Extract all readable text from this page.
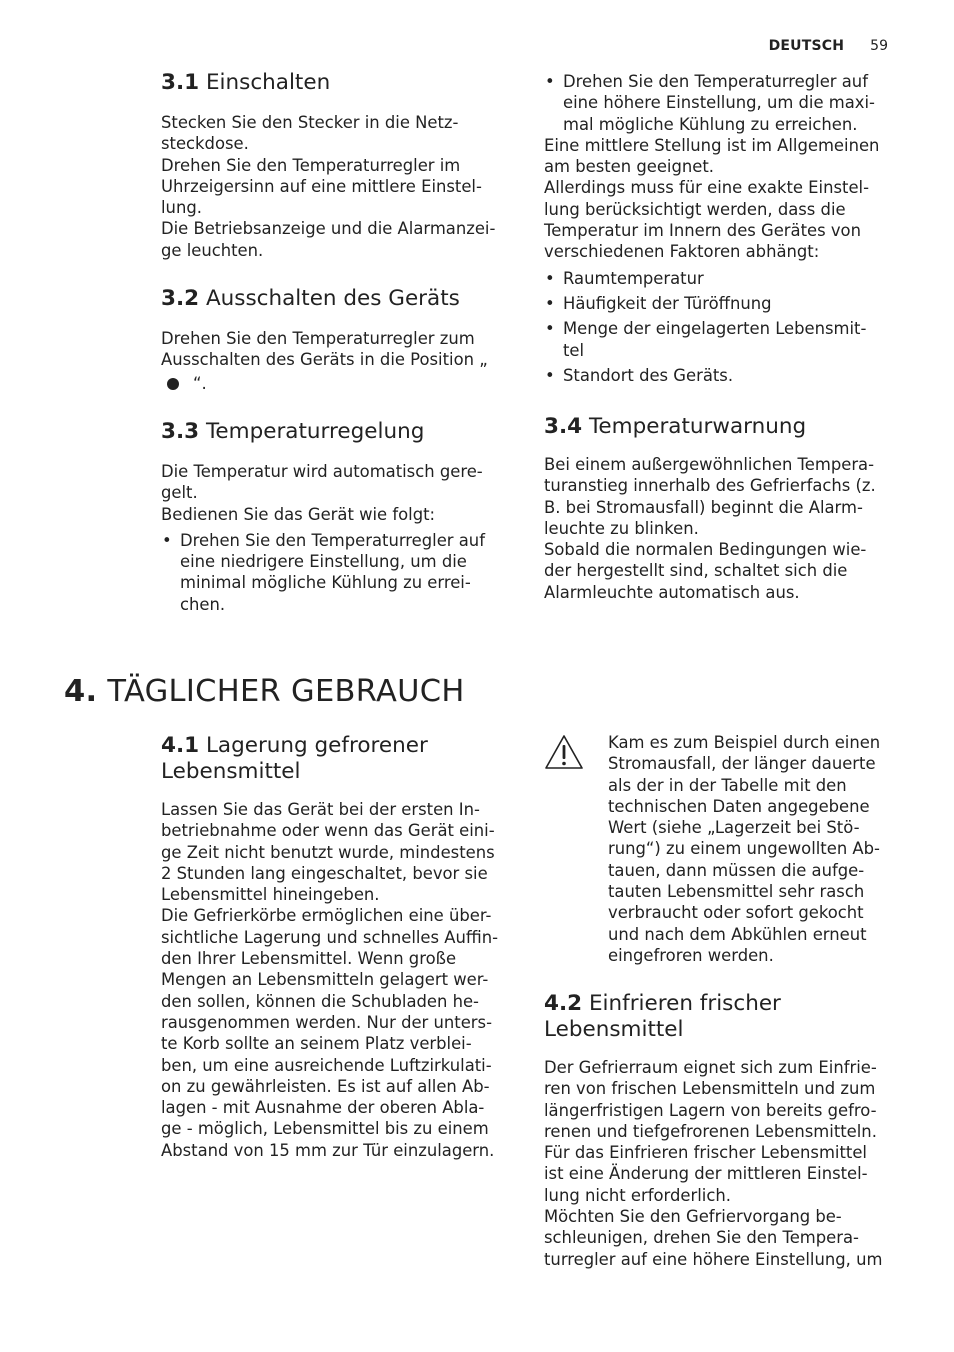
DEUTSCH 59
3.1 Einschalten
Stecken Sie den Stecker in die Netz-
steckdose.
Drehen Sie den Temperaturregler im
Uhrzeigersinn auf eine mittlere Einstel-
lung.
Die Betriebsanzeige und die Alarmanzei-
ge leuchten.
3.2 Ausschalten des Geräts
Drehen Sie den Temperaturregler zum
Ausschalten des Geräts in die Position „
“.
3.3 Temperaturregelung
Die Temperatur wird automatisch gere-
gelt.
Bedienen Sie das Gerät wie folgt:
• Drehen Sie den Temperaturregler auf
eine niedrigere Einstellung, um die
minimal mögliche Kühlung zu errei-
chen.
• Drehen Sie den Temperaturregler auf
eine höhere Einstellung, um die maxi-
mal mögliche Kühlung zu erreichen.
Eine mittlere Stellung ist im Allgemeinen
am besten geeignet.
Allerdings muss für eine exakte Einstel-
lung berücksichtigt werden, dass die
Temperatur im Innern des Gerätes von
verschiedenen Faktoren abhängt:
• Raumtemperatur
• Häufigkeit der Türöffnung
• Menge der eingelagerten Lebensmit-
tel
• Standort des Geräts.
3.4 Temperaturwarnung
Bei einem außergewöhnlichen Tempera-
turanstieg innerhalb des Gefrierfachs (z.
B. bei Stromausfall) beginnt die Alarm-
leuchte zu blinken.
Sobald die normalen Bedingungen wie-
der hergestellt sind, schaltet sich die
Alarmleuchte automatisch aus.
4. TÄGLICHER GEBRAUCH
4.1 Lagerung gefrorener
Lebensmittel
Lassen Sie das Gerät bei der ersten In-
betriebnahme oder wenn das Gerät eini-
ge Zeit nicht benutzt wurde, mindestens
2 Stunden lang eingeschaltet, bevor sie
Lebensmittel hineingeben.
Die Gefrierkörbe ermöglichen eine über-
sichtliche Lagerung und schnelles Auffin-
den Ihrer Lebensmittel. Wenn große
Mengen an Lebensmitteln gelagert wer-
den sollen, können die Schubladen he-
rausgenommen werden. Nur der unters-
te Korb sollte an seinem Platz verblei-
ben, um eine ausreichende Luftzirkulati-
on zu gewährleisten. Es ist auf allen Ab-
lagen - mit Ausnahme der oberen Abla-
ge - möglich, Lebensmittel bis zu einem
Abstand von 15 mm zur Tür einzulagern.
Kam es zum Beispiel durch einen
Stromausfall, der länger dauerte
als der in der Tabelle mit den
technischen Daten angegebene
Wert (siehe „Lagerzeit bei Stö-
rung“) zu einem ungewollten Ab-
tauen, dann müssen die aufge-
tauten Lebensmittel sehr rasch
verbraucht oder sofort gekocht
und nach dem Abkühlen erneut
eingefroren werden.
4.2 Einfrieren frischer
Lebensmittel
Der Gefrierraum eignet sich zum Einfrie-
ren von frischen Lebensmitteln und zum
längerfristigen Lagern von bereits gefro-
renen und tiefgefrorenen Lebensmitteln.
Für das Einfrieren frischer Lebensmittel
ist eine Änderung der mittleren Einstel-
lung nicht erforderlich.
Möchten Sie den Gefriervorgang be-
schleunigen, drehen Sie den Tempera-
turregler auf eine höhere Einstellung, um
